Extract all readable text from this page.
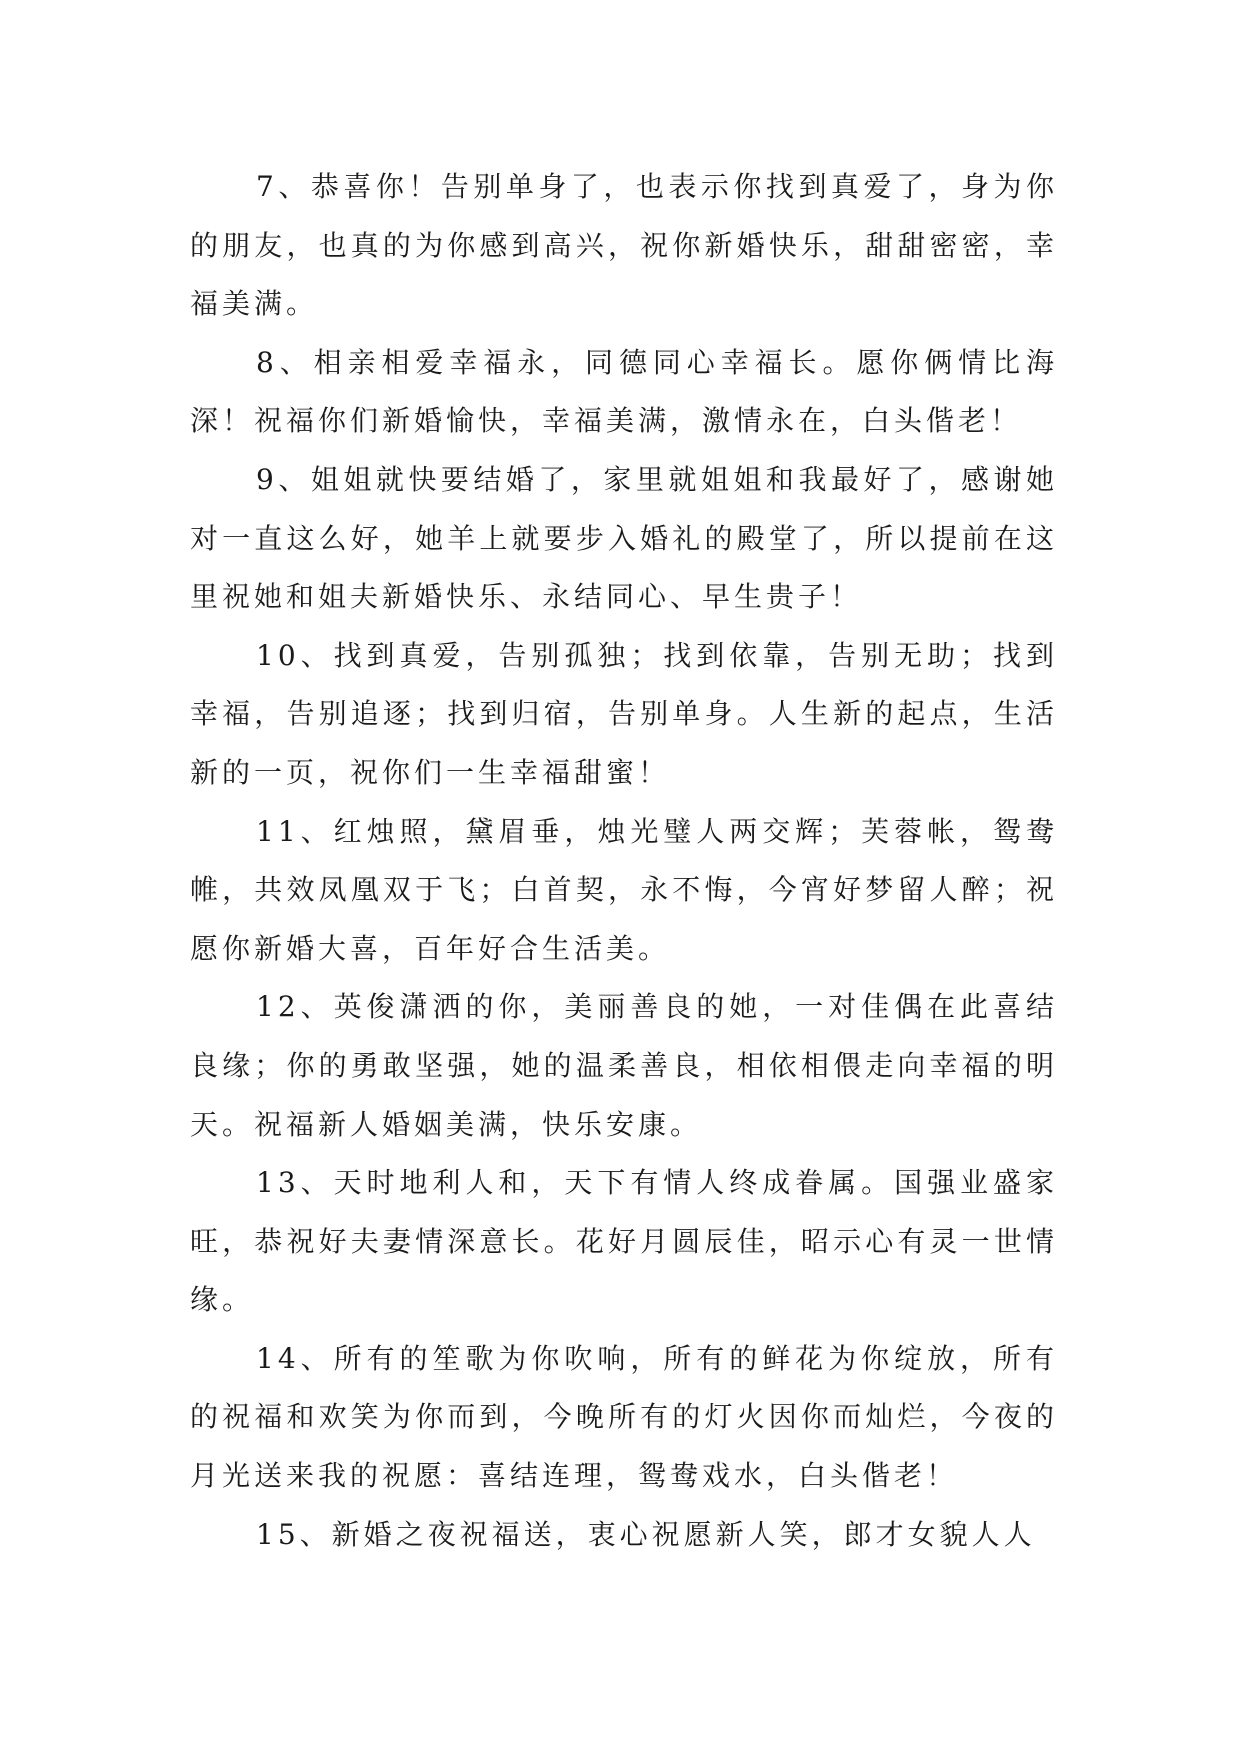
7、恭喜你！告别单身了，也表示你找到真爱了，身为你的朋友，也真的为你感到高兴，祝你新婚快乐，甜甜密密，幸福美满。

8、相亲相爱幸福永，同德同心幸福长。愿你俩情比海深！祝福你们新婚愉快，幸福美满，激情永在，白头偕老！

9、姐姐就快要结婚了，家里就姐姐和我最好了，感谢她对一直这么好，她羊上就要步入婚礼的殿堂了，所以提前在这里祝她和姐夫新婚快乐、永结同心、早生贵子！

10、找到真爱，告别孤独；找到依靠，告别无助；找到幸福，告别追逐；找到归宿，告别单身。人生新的起点，生活新的一页，祝你们一生幸福甜蜜！

11、红烛照，黛眉垂，烛光璧人两交辉；芙蓉帐，鸳鸯帷，共效凤凰双于飞；白首契，永不悔，今宵好梦留人醉；祝愿你新婚大喜，百年好合生活美。

12、英俊潇洒的你，美丽善良的她，一对佳偶在此喜结良缘；你的勇敢坚强，她的温柔善良，相依相偎走向幸福的明天。祝福新人婚姻美满，快乐安康。

13、天时地利人和，天下有情人终成眷属。国强业盛家旺，恭祝好夫妻情深意长。花好月圆辰佳，昭示心有灵一世情缘。

14、所有的笙歌为你吹响，所有的鲜花为你绽放，所有的祝福和欢笑为你而到，今晚所有的灯火因你而灿烂，今夜的月光送来我的祝愿：喜结连理，鸳鸯戏水，白头偕老！

15、新婚之夜祝福送，衷心祝愿新人笑，郎才女貌人人
